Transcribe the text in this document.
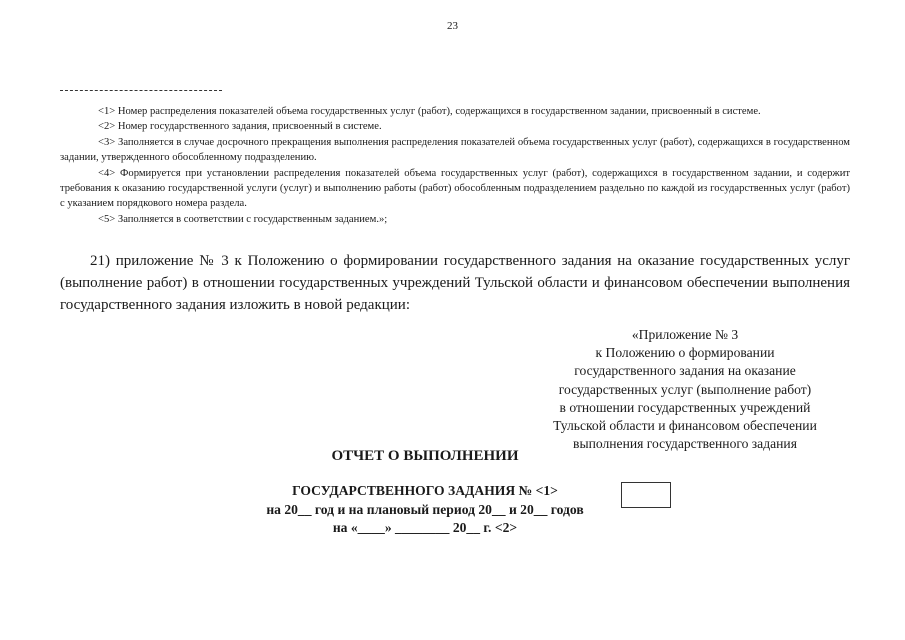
23

<1> Номер распределения показателей объема государственных услуг (работ), содержащихся в государственном задании, присвоенный в системе.

<2> Номер государственного задания, присвоенный в системе.

<3> Заполняется в случае досрочного прекращения выполнения распределения показателей объема государственных услуг (работ), содержащихся в государственном задании, утвержденного обособленному подразделению.

<4> Формируется при установлении распределения показателей объема государственных услуг (работ), содержащихся в государственном задании, и содержит требования к оказанию государственной услуги (услуг) и выполнению работы (работ) обособленным подразделением раздельно по каждой из государственных услуг (работ) с указанием порядкового номера раздела.

<5> Заполняется в соответствии с государственным заданием.»;

21) приложение № 3 к Положению о формировании государственного задания на оказание государственных услуг (выполнение работ) в отношении государственных учреждений Тульской области и финансовом обеспечении выполнения государственного задания изложить в новой редакции:

«Приложение № 3
к Положению о формировании
государственного задания на оказание
государственных услуг (выполнение работ)
в отношении государственных учреждений
Тульской области и финансовом обеспечении
выполнения государственного задания
ОТЧЕТ О ВЫПОЛНЕНИИ
ГОСУДАРСТВЕННОГО ЗАДАНИЯ № <1>
на 20__ год и на плановый период 20__ и 20__ годов
на «____» ________ 20__ г. <2>
